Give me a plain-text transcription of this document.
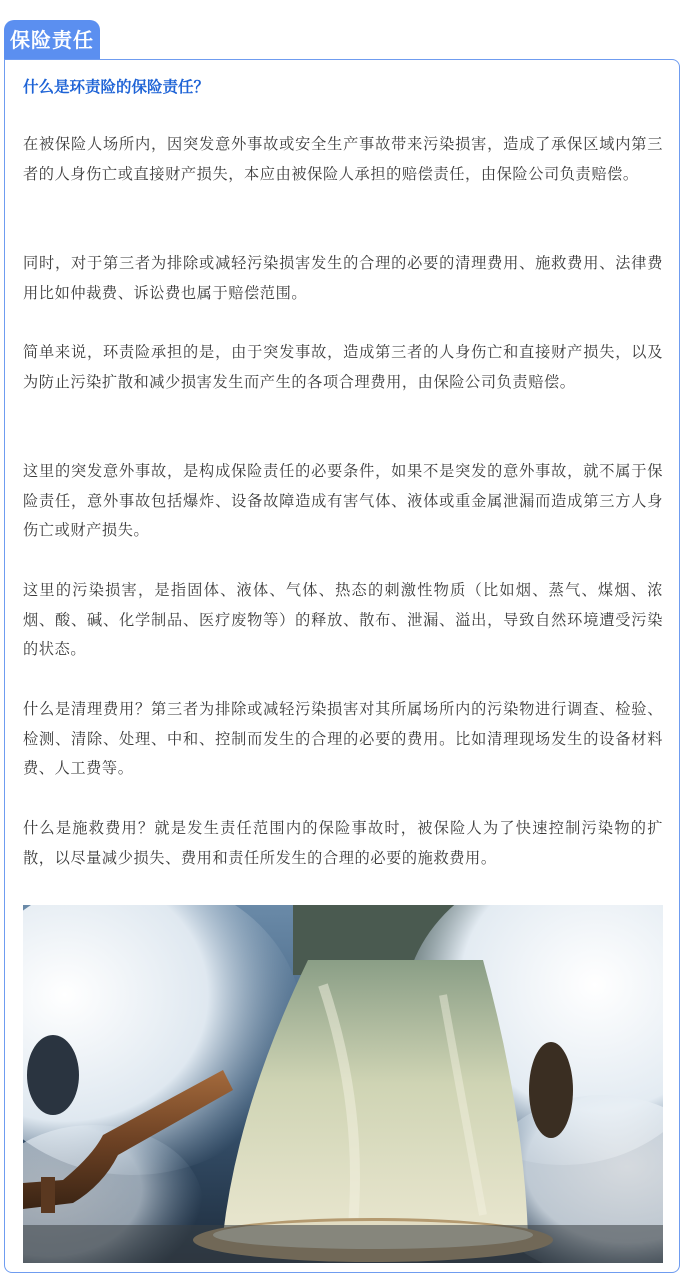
保险责任

什么是环责险的保险责任？

在被保险人场所内，因突发意外事故或安全生产事故带来污染损害，造成了承保区域内第三者的人身伤亡或直接财产损失，本应由被保险人承担的赔偿责任，由保险公司负责赔偿。

同时，对于第三者为排除或减轻污染损害发生的合理的必要的清理费用、施救费用、法律费用比如仲裁费、诉讼费也属于赔偿范围。

简单来说，环责险承担的是，由于突发事故，造成第三者的人身伤亡和直接财产损失，以及为防止污染扩散和减少损害发生而产生的各项合理费用，由保险公司负责赔偿。

这里的突发意外事故，是构成保险责任的必要条件，如果不是突发的意外事故，就不属于保险责任，意外事故包括爆炸、设备故障造成有害气体、液体或重金属泄漏而造成第三方人身伤亡或财产损失。

这里的污染损害，是指固体、液体、气体、热态的刺激性物质（比如烟、蒸气、煤烟、浓烟、酸、碱、化学制品、医疗废物等）的释放、散布、泄漏、溢出，导致自然环境遭受污染的状态。

什么是清理费用？第三者为排除或减轻污染损害对其所属场所内的污染物进行调查、检验、检测、清除、处理、中和、控制而发生的合理的必要的费用。比如清理现场发生的设备材料费、人工费等。

什么是施救费用？就是发生责任范围内的保险事故时，被保险人为了快速控制污染物的扩散，以尽量减少损失、费用和责任所发生的合理的必要的施救费用。
